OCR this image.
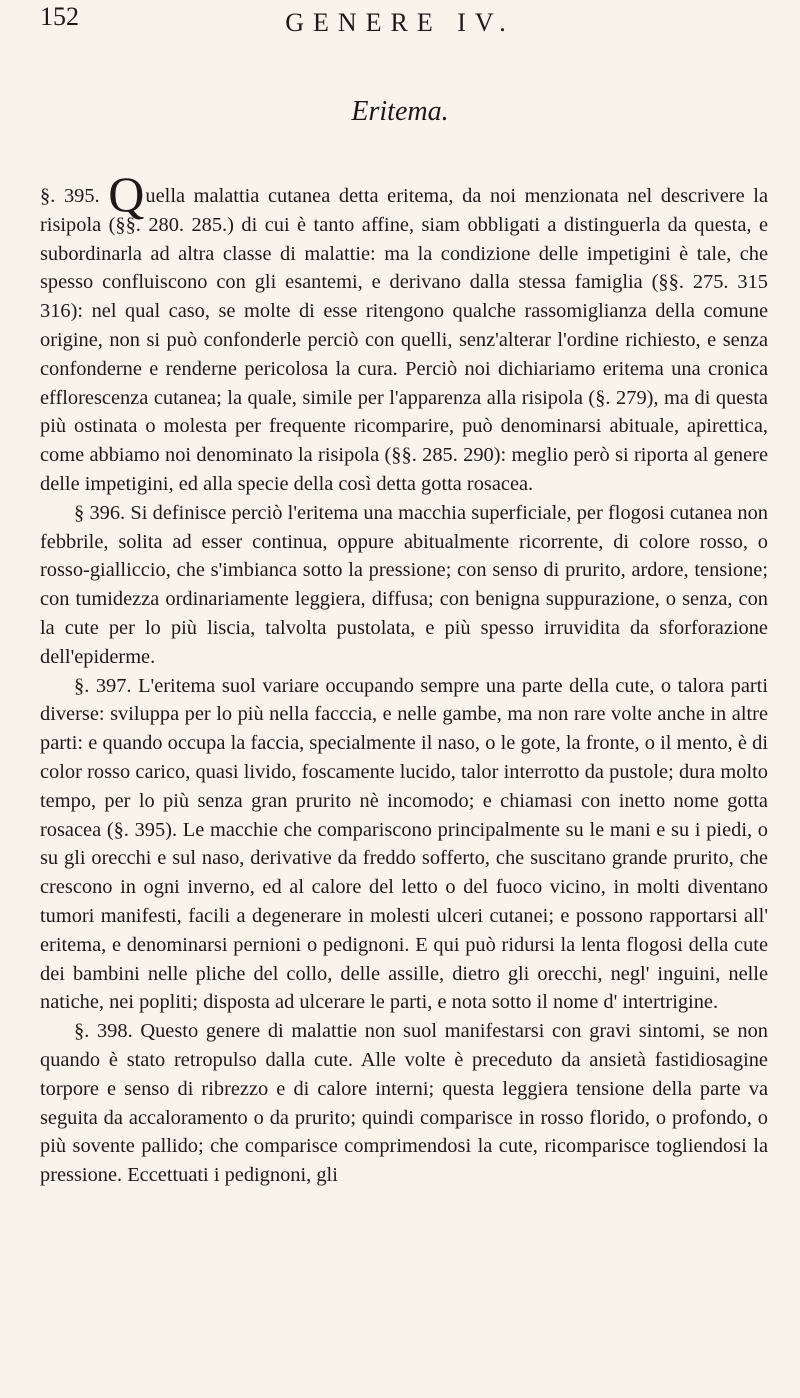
152	GENERE IV.
Eritema.

§. 395. Quella malattia cutanea detta eritema, da noi menzionata nel descrivere la risipola (§§. 280. 285.) di cui è tanto affine, siam obbligati a distinguerla da questa, e subordinarla ad altra classe di malattie: ma la condizione delle impetigini è tale, che spesso confluiscono con gli esantemi, e derivano dalla stessa famiglia (§§. 275. 315 316): nel qual caso, se molte di esse ritengono qualche rassomiglianza della comune origine, non si può confonderle perciò con quelli, senz'alterar l'ordine richiesto, e senza confonderne e renderne pericolosa la cura. Perciò noi dichiariamo eritema una cronica efflorescenza cutanea; la quale, simile per l'apparenza alla risipola (§. 279), ma di questa più ostinata o molesta per frequente ricomparire, può denominarsi abituale, apirettica, come abbiamo noi denominato la risipola (§§. 285. 290): meglio però si riporta al genere delle impetigini, ed alla specie della così detta gotta rosacea.

§ 396. Si definisce perciò l'eritema una macchia superficiale, per flogosi cutanea non febbrile, solita ad esser continua, oppure abitualmente ricorrente, di colore rosso, o rosso-gialliccio, che s'imbianca sotto la pressione; con senso di prurito, ardore, tensione; con tumidezza ordinariamente leggiera, diffusa; con benigna suppurazione, o senza, con la cute per lo più liscia, talvolta pustolata, e più spesso irruvidita da sforforazione dell'epiderme.

§. 397. L'eritema suol variare occupando sempre una parte della cute, o talora parti diverse: sviluppa per lo più nella facccia, e nelle gambe, ma non rare volte anche in altre parti: e quando occupa la faccia, specialmente il naso, o le gote, la fronte, o il mento, è di color rosso carico, quasi livido, foscamente lucido, talor interrotto da pustole; dura molto tempo, per lo più senza gran prurito nè incomodo; e chiamasi con inetto nome gotta rosacea (§. 395). Le macchie che compariscono principalmente su le mani e su i piedi, o su gli orecchi e sul naso, derivative da freddo sofferto, che suscitano grande prurito, che crescono in ogni inverno, ed al calore del letto o del fuoco vicino, in molti diventano tumori manifesti, facili a degenerare in molesti ulceri cutanei; e possono rapportarsi all' eritema, e denominarsi pernioni o pedignoni. E qui può ridursi la lenta flogosi della cute dei bambini nelle pliche del collo, delle assille, dietro gli orecchi, negl' inguini, nelle natiche, nei popliti; disposta ad ulcerare le parti, e nota sotto il nome d' intertrigine.

§. 398. Questo genere di malattie non suol manifestarsi con gravi sintomi, se non quando è stato retropulso dalla cute. Alle volte è preceduto da ansietà fastidiosagine torpore e senso di ribrezzo e di calore interni; questa leggiera tensione della parte va seguita da accaloramento o da prurito; quindi comparisce in rosso florido, o profondo, o più sovente pallido; che comparisce comprimendosi la cute, ricomparisce togliendosi la pressione. Eccettuati i pedignoni, gli
